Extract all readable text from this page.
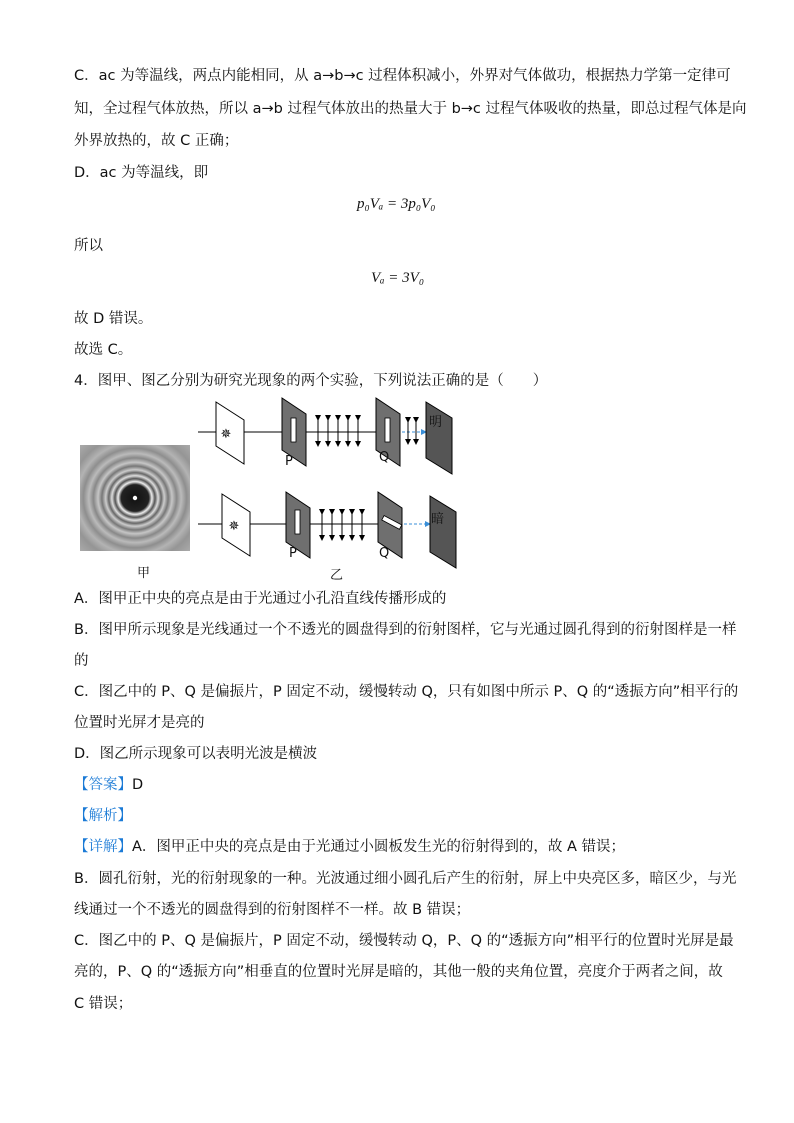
C．ac 为等温线，两点内能相同，从 a→b→c 过程体积减小，外界对气体做功，根据热力学第一定律可
知，全过程气体放热，所以 a→b 过程气体放出的热量大于 b→c 过程气体吸收的热量，即总过程气体是向
外界放热的，故 C 正确；
D．ac 为等温线，即
p₀Vₐ = 3p₀V₀
所以
Vₐ = 3V₀
故 D 错误。
故选 C。
4．图甲、图乙分别为研究光现象的两个实验，下列说法正确的是（　　）
甲
✵
✵
P	Q
明
P	Q
暗
乙
A．图甲正中央的亮点是由于光通过小孔沿直线传播形成的
B．图甲所示现象是光线通过一个不透光的圆盘得到的衍射图样，它与光通过圆孔得到的衍射图样是一样
的
C．图乙中的 P、Q 是偏振片，P 固定不动，缓慢转动 Q，只有如图中所示 P、Q 的“透振方向”相平行的
位置时光屏才是亮的
D．图乙所示现象可以表明光波是横波
【答案】D
【解析】
【详解】A．图甲正中央的亮点是由于光通过小圆板发生光的衍射得到的，故 A 错误；
B．圆孔衍射，光的衍射现象的一种。光波通过细小圆孔后产生的衍射，屏上中央亮区多，暗区少，与光
线通过一个不透光的圆盘得到的衍射图样不一样。故 B 错误；
C．图乙中的 P、Q 是偏振片，P 固定不动，缓慢转动 Q，P、Q 的“透振方向”相平行的位置时光屏是最
亮的，P、Q 的“透振方向”相垂直的位置时光屏是暗的，其他一般的夹角位置，亮度介于两者之间，故
C 错误；
